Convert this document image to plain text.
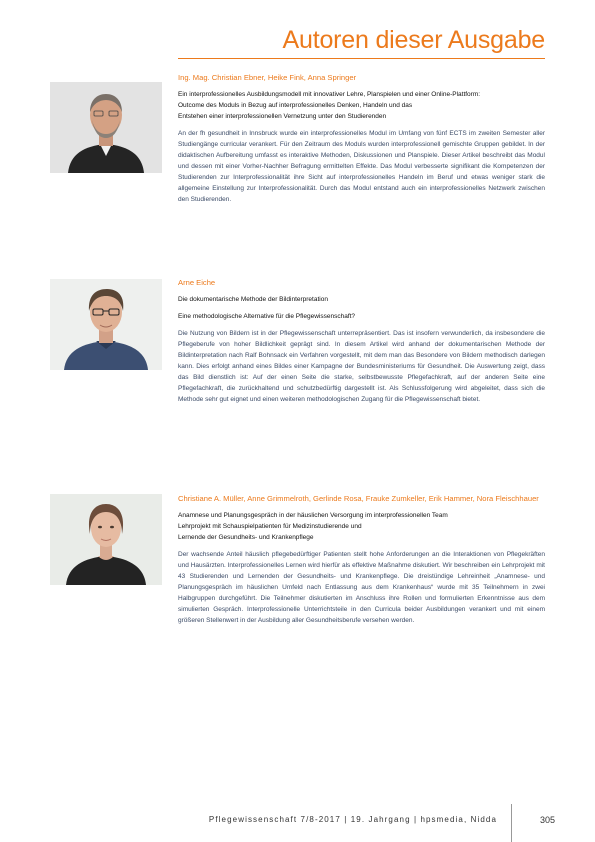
Autoren dieser Ausgabe

Ing. Mag. Christian Ebner, Heike Fink, Anna Springer

Ein interprofessionelles Ausbildungsmodell mit innovativer Lehre, Planspielen und einer Online-Plattform:
Outcome des Moduls in Bezug auf interprofessionelles Denken, Handeln und das
Entstehen einer interprofessionellen Vernetzung unter den Studierenden

An der fh gesundheit in Innsbruck wurde ein interprofessionelles Modul im Umfang von fünf ECTS im zweiten Semester aller Studiengänge curricular verankert. Für den Zeitraum des Moduls wurden interprofessionell gemischte Gruppen gebildet. In der didaktischen Aufbereitung umfasst es interaktive Methoden, Diskussionen und Planspiele. Dieser Artikel beschreibt das Modul und dessen mit einer Vorher-Nachher Befragung ermittelten Effekte. Das Modul verbesserte signifikant die Kompetenzen der Studierenden zur Interprofessionalität ihre Sicht auf interprofessionelles Handeln im Beruf und etwas weniger stark die allgemeine Einstellung zur Interprofessionalität. Durch das Modul entstand auch ein interprofessionelles Netzwerk zwischen den Studierenden.

Arne Eiche

Die dokumentarische Methode der Bildinterpretation

Eine methodologische Alternative für die Pflegewissenschaft?

Die Nutzung von Bildern ist in der Pflegewissenschaft unterrepräsentiert. Das ist insofern verwunderlich, da insbesondere die Pflegeberufe von hoher Bildlichkeit geprägt sind. In diesem Artikel wird anhand der dokumentarischen Methode der Bildinterpretation nach Ralf Bohnsack ein Verfahren vorgestellt, mit dem man das Besondere von Bildern methodisch darlegen kann. Dies erfolgt anhand eines Bildes einer Kampagne der Bundesministeriums für Gesundheit. Die Auswertung zeigt, dass das Bild dienstlich ist: Auf der einen Seite die starke, selbstbewusste Pflegefachkraft, auf der anderen Seite eine Pflegefachkraft, die zurückhaltend und schutzbedürftig dargestellt ist. Als Schlussfolgerung wird abgeleitet, dass sich die Methode sehr gut eignet und einen weiteren methodologischen Zugang für die Pflegewissenschaft bietet.

Christiane A. Müller, Anne Grimmelroth, Gerlinde Rosa, Frauke Zumkeller, Erik Hammer, Nora Fleischhauer

Anamnese und Planungsgespräch in der häuslichen Versorgung im interprofessionellen Team
Lehrprojekt mit Schauspielpatienten für Medizinstudierende und
Lernende der Gesundheits- und Krankenpflege

Der wachsende Anteil häuslich pflegebedürftiger Patienten stellt hohe Anforderungen an die Interaktionen von Pflegekräften und Hausärzten. Interprofessionelles Lernen wird hierfür als effektive Maßnahme diskutiert. Wir beschreiben ein Lehrprojekt mit 43 Studierenden und Lernenden der Gesundheits- und Krankenpflege. Die dreistündige Lehreinheit „Anamnese- und Planungsgespräch im häuslichen Umfeld nach Entlassung aus dem Krankenhaus“ wurde mit 35 Teilnehmern in zwei Halbgruppen durchgeführt. Die Teilnehmer diskutierten im Anschluss ihre Rollen und formulierten Erkenntnisse aus dem simulierten Gespräch. Interprofessionelle Unterrichtsteile in den Curricula beider Ausbildungen verankert und mit einem größeren Stellenwert in der Ausbildung aller Gesundheitsberufe versehen werden.

Pflegewissenschaft 7/8-2017 | 19. Jahrgang | hpsmedia, Nidda	305
